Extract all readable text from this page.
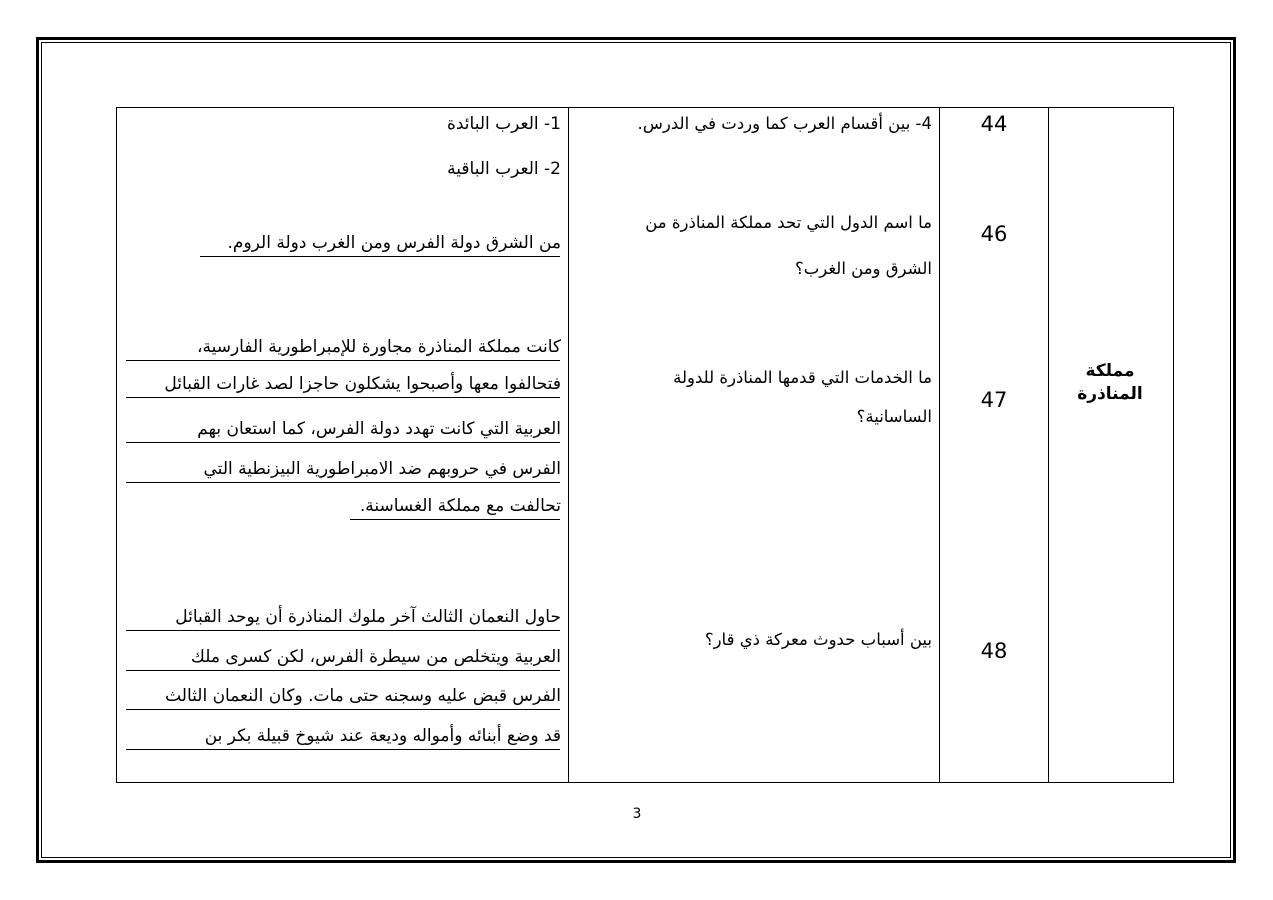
مملكة المناذرة
44
4- بين أقسام العرب كما وردت في الدرس.
1- العرب البائدة
2- العرب الباقية
46
ما اسم الدول التي تحد مملكة المناذرة من
الشرق ومن الغرب؟
من الشرق دولة الفرس ومن الغرب دولة الروم.
47
ما الخدمات التي قدمها المناذرة للدولة
الساسانية؟
كانت مملكة المناذرة مجاورة للإمبراطورية الفارسية،
فتحالفوا معها وأصبحوا يشكلون حاجزا لصد غارات القبائل
العربية التي كانت تهدد دولة الفرس، كما استعان بهم
الفرس في حروبهم ضد الامبراطورية البيزنطية التي
تحالفت مع مملكة الغساسنة.
48
بين أسباب حدوث معركة ذي قار؟
حاول النعمان الثالث آخر ملوك المناذرة أن يوحد القبائل
العربية ويتخلص من سيطرة الفرس، لكن كسرى ملك
الفرس قبض عليه وسجنه حتى مات. وكان النعمان الثالث
قد وضع أبنائه وأمواله وديعة عند شيوخ قبيلة بكر بن
3
